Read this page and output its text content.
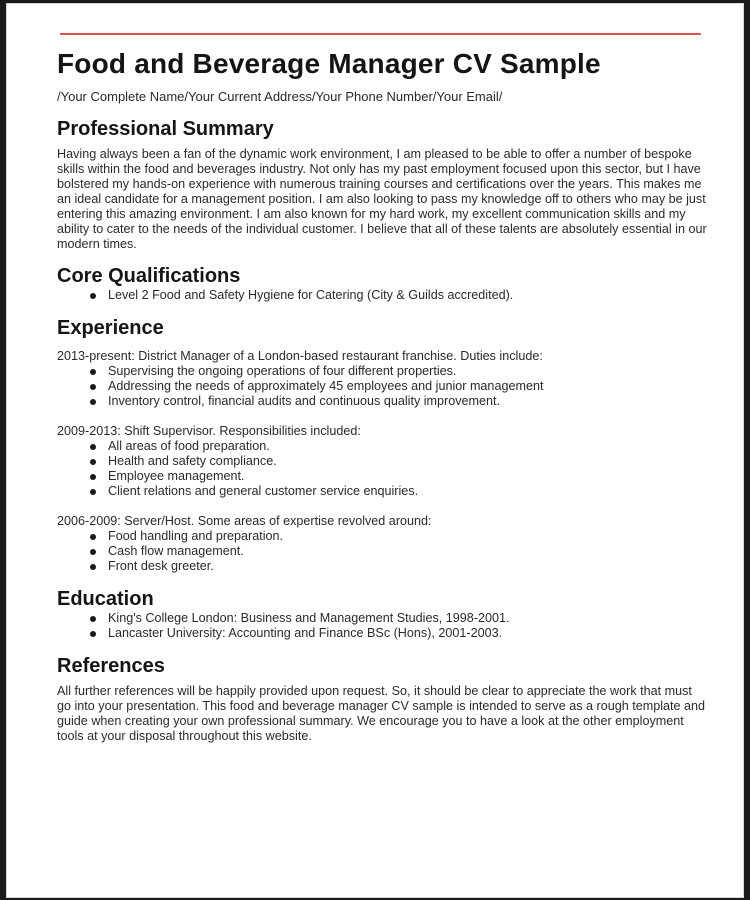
Food and Beverage Manager CV Sample
/Your Complete Name/Your Current Address/Your Phone Number/Your Email/
Professional Summary

Having always been a fan of the dynamic work environment, I am pleased to be able to offer a number of bespoke skills within the food and beverages industry. Not only has my past employment focused upon this sector, but I have bolstered my hands-on experience with numerous training courses and certifications over the years. This makes me an ideal candidate for a management position. I am also looking to pass my knowledge off to others who may be just entering this amazing environment. I am also known for my hard work, my excellent communication skills and my ability to cater to the needs of the individual customer. I believe that all of these talents are absolutely essential in our modern times.

Core Qualifications
Level 2 Food and Safety Hygiene for Catering (City & Guilds accredited).
Experience
2013-present: District Manager of a London-based restaurant franchise. Duties include:
Supervising the ongoing operations of four different properties.
Addressing the needs of approximately 45 employees and junior management
Inventory control, financial audits and continuous quality improvement.
2009-2013: Shift Supervisor. Responsibilities included:
All areas of food preparation.
Health and safety compliance.
Employee management.
Client relations and general customer service enquiries.
2006-2009: Server/Host. Some areas of expertise revolved around:
Food handling and preparation.
Cash flow management.
Front desk greeter.
Education
King's College London: Business and Management Studies, 1998-2001.
Lancaster University: Accounting and Finance BSc (Hons), 2001-2003.
References

All further references will be happily provided upon request. So, it should be clear to appreciate the work that must go into your presentation. This food and beverage manager CV sample is intended to serve as a rough template and guide when creating your own professional summary. We encourage you to have a look at the other employment tools at your disposal throughout this website.
